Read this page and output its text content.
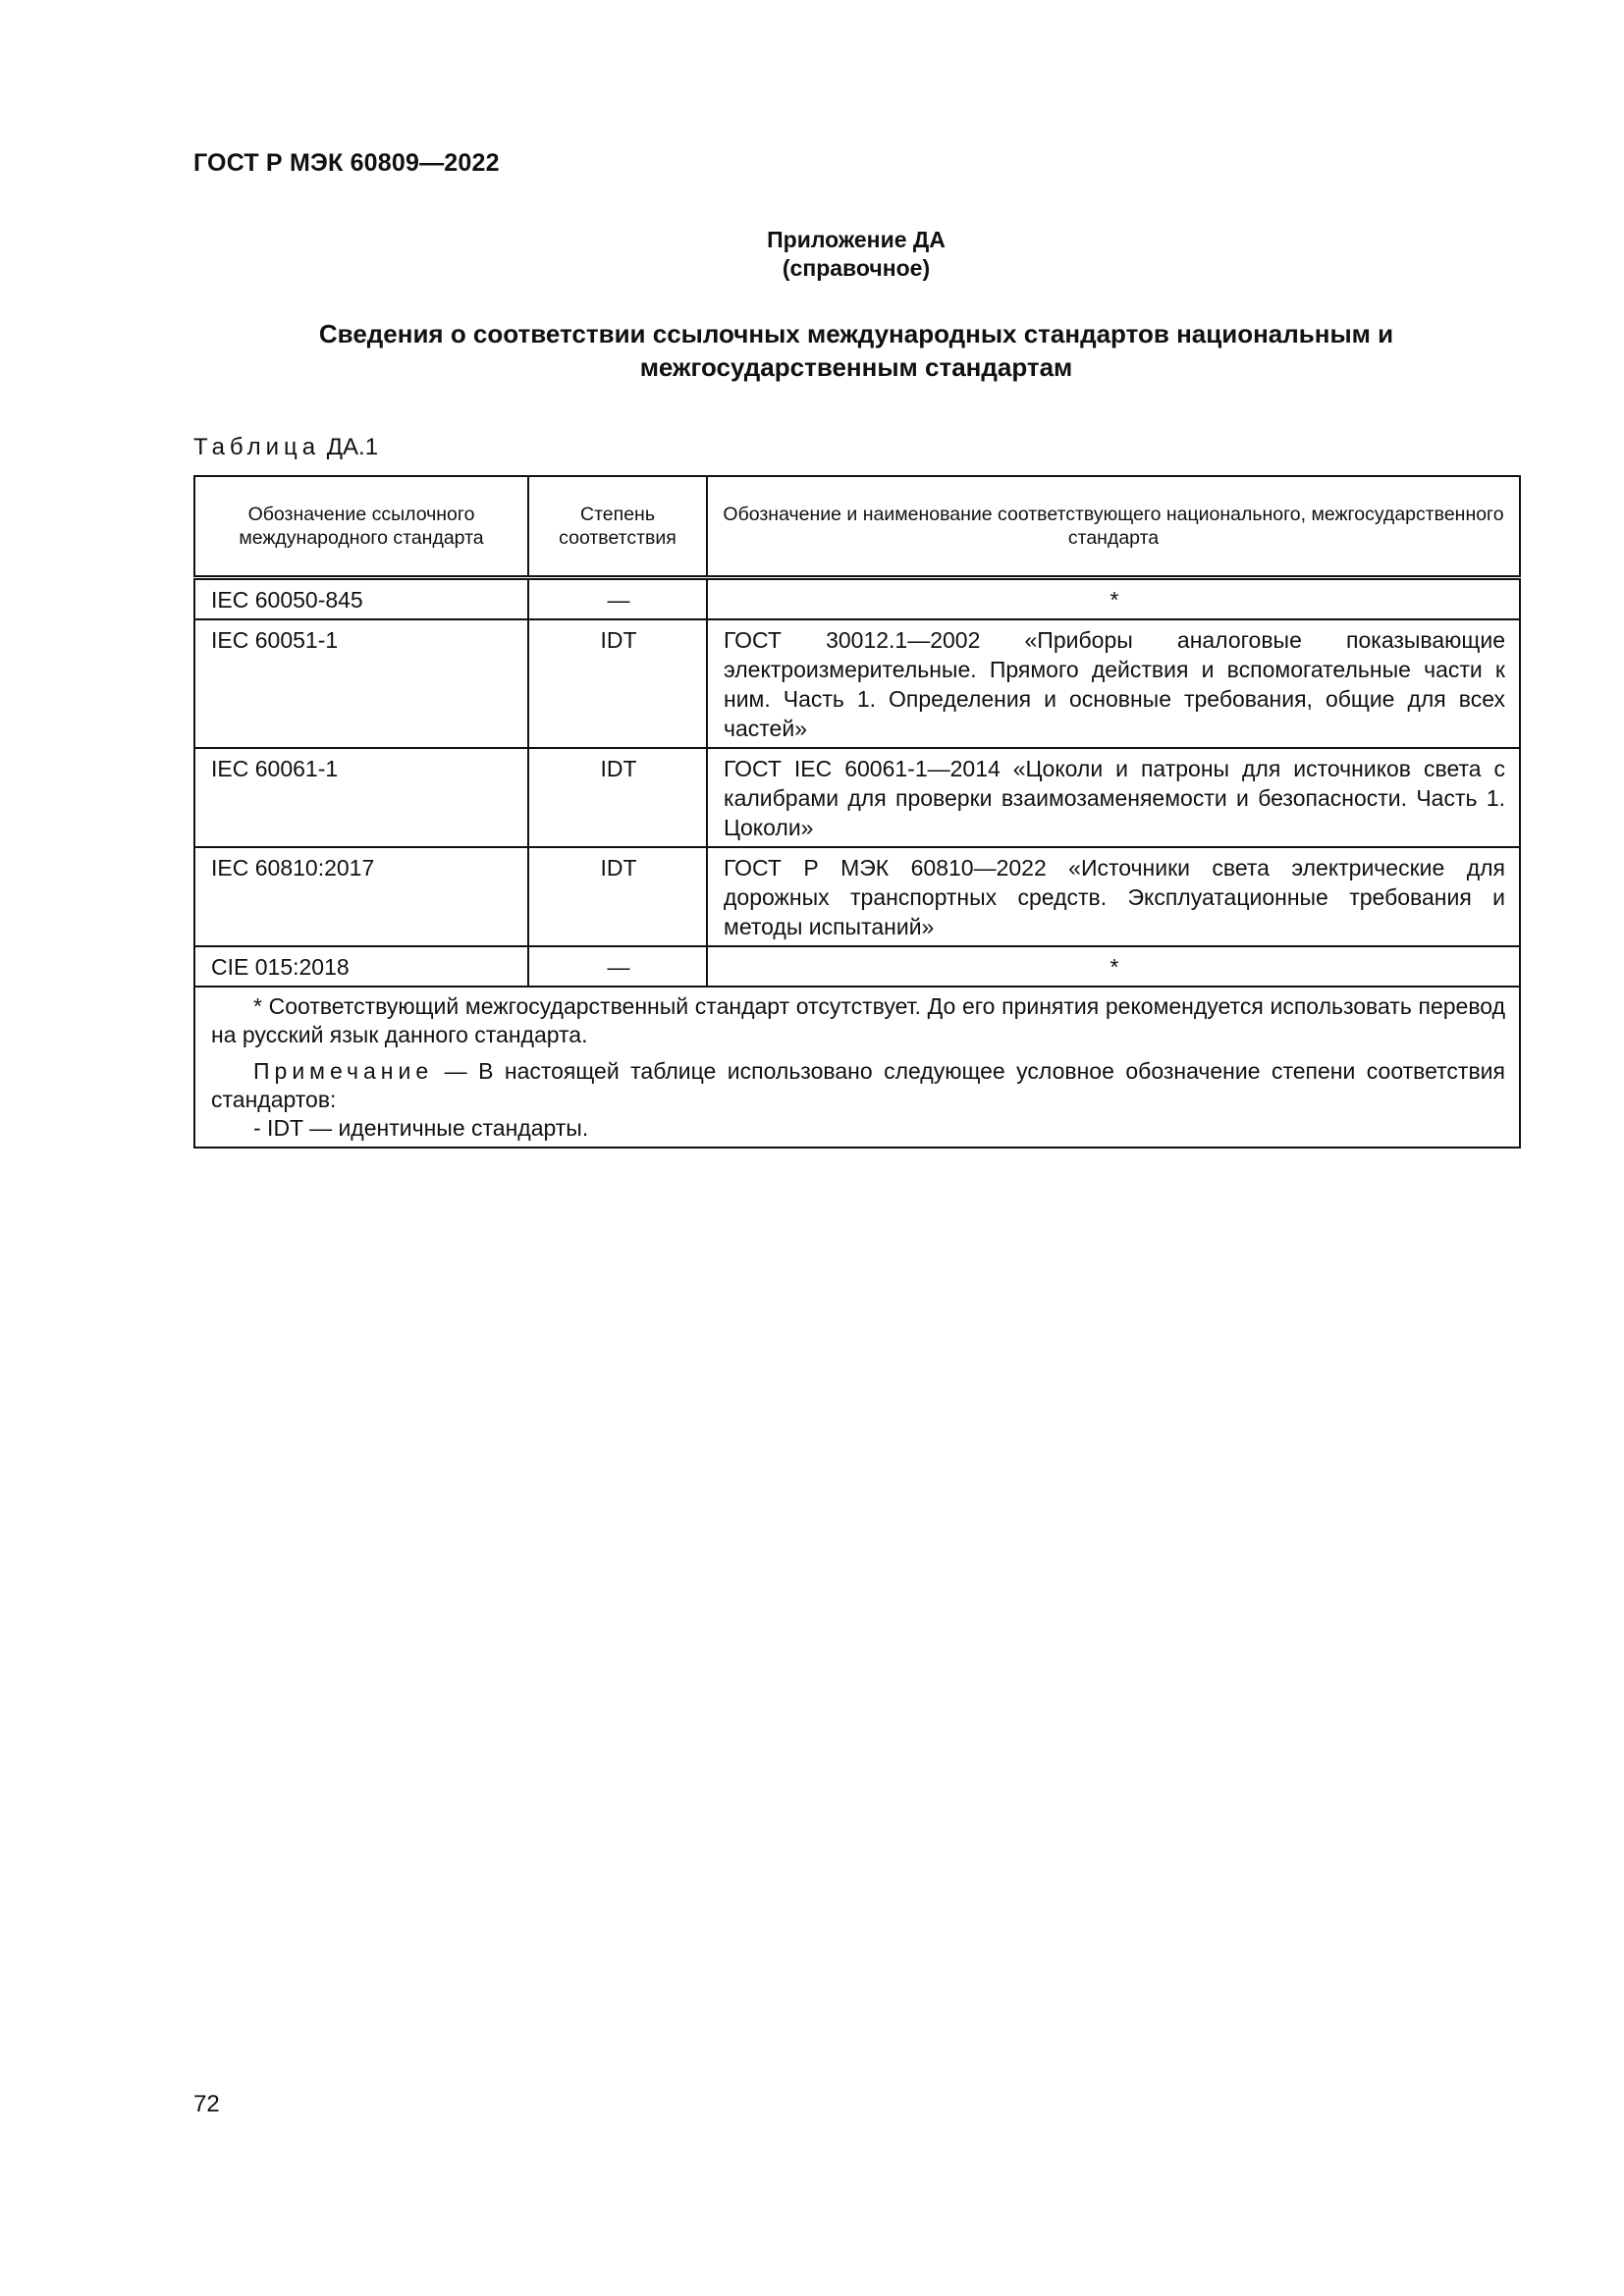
ГОСТ Р МЭК 60809—2022
Приложение ДА
(справочное)
Сведения о соответствии ссылочных международных стандартов национальным и
межгосударственным стандартам
Таблица ДА.1
Обозначение ссылочного международного стандарта	Степень соответствия	Обозначение и наименование соответствующего национального, межгосударственного стандарта
IEC 60050-845	—	*
IEC 60051-1	IDT	ГОСТ 30012.1—2002 «Приборы аналоговые показывающие электроизмерительные. Прямого действия и вспомогательные части к ним. Часть 1. Определения и основные требования, общие для всех частей»
IEC 60061-1	IDT	ГОСТ IEC 60061-1—2014 «Цоколи и патроны для источников света с калибрами для проверки взаимозаменяемости и безопасности. Часть 1. Цоколи»
IEC 60810:2017	IDT	ГОСТ Р МЭК 60810—2022 «Источники света электрические для дорожных транспортных средств. Эксплуатационные требования и методы испытаний»
CIE 015:2018	—	*

* Соответствующий межгосударственный стандарт отсутствует. До его принятия рекомендуется использовать перевод на русский язык данного стандарта.

Примечание — В настоящей таблице использовано следующее условное обозначение степени соответствия стандартов:

- IDT — идентичные стандарты.		

72
